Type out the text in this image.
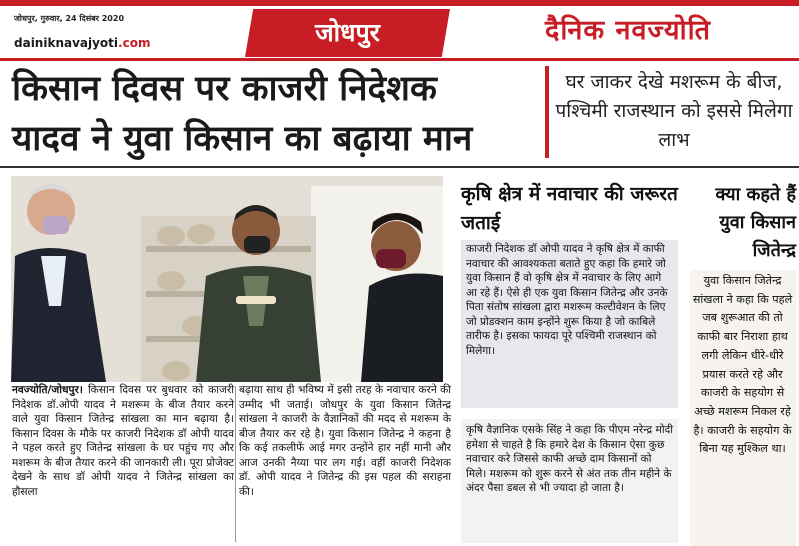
जोधपुर, गुरुवार, 24 दिसंबर 2020
dainiknavajyoti.com	जोधपुर	दैनिक नवज्योति
किसान दिवस पर काजरी निदेशक
यादव ने युवा किसान का बढ़ाया मान
घर जाकर देखे मशरूम के बीज, पश्चिमी राजस्थान को इससे मिलेगा लाभ
कृषि क्षेत्र में नवाचार की जरूरत जताई
काजरी निदेशक डॉ ओपी यादव ने कृषि क्षेत्र में काफी नवाचार की आवश्यकता बताते हुए कहा कि हमारे जो युवा किसान हैं वो कृषि क्षेत्र में नवाचार के लिए आगे आ रहे हैं। ऐसे ही एक युवा किसान जितेन्द्र और उनके पिता संतोष सांखला द्वारा मशरूम कल्टीवेशन के लिए जो प्रोडक्शन काम इन्होंने शुरू किया है जो काबिले तारीफ है। इसका फायदा पूरे पश्चिमी राजस्थान को मिलेगा।
कृषि वैज्ञानिक एसके सिंह ने कहा कि पीएम नरेन्द्र मोदी हमेशा से चाहते है कि हमारे देश के किसान ऐसा कुछ नवाचार करे जिससे काफी अच्छे दाम किसानों को मिले। मशरूम को शुरू करने से अंत तक तीन महीने के अंदर पैसा डबल से भी ज्यादा हो जाता है।
क्या कहते हैं युवा किसान जितेन्द्र
युवा किसान जितेन्द्र सांखला ने कहा कि पहले जब शुरूआत की तो काफी बार निराशा हाथ लगी लेकिन धीरे-धीरे प्रयास करते रहे और काजरी के सहयोग से अच्छे मशरूम निकल रहे है। काजरी के सहयोग के बिना यह मुश्किल था।
नवज्योति/जोधपुर। किसान दिवस पर बुधवार को काजरी निदेशक डॉ.ओपी यादव ने मशरूम के बीज तैयार करने वाले युवा किसान जितेन्द्र सांखला का मान बढ़ाया है। किसान दिवस के मौके पर काजरी निदेशक डॉ ओपी यादव ने पहल करते हुए जितेन्द्र सांखला के घर पहुंच गए और मशरूम के बीज तैयार करने की जानकारी ली। पूरा प्रोजेक्ट देखने के साथ डॉ ओपी यादव ने जितेन्द्र सांखला का हौसला
बढ़ाया साथ ही भविष्य में इसी तरह के नवाचार करने की उम्मीद भी जताई। जोधपुर के युवा किसान जितेन्द्र सांखला ने काजरी के वैज्ञानिकों की मदद से मशरूम के बीज तैयार कर रहे है। युवा किसान जितेन्द्र ने कहना है कि कई तकलीफें आई मगर उन्होंने हार नहीं मानी और आज उनकी नैय्या पार लग गई। वहीं काजरी निदेशक डॉ. ओपी यादव ने जितेन्द्र की इस पहल की सराहना की।
